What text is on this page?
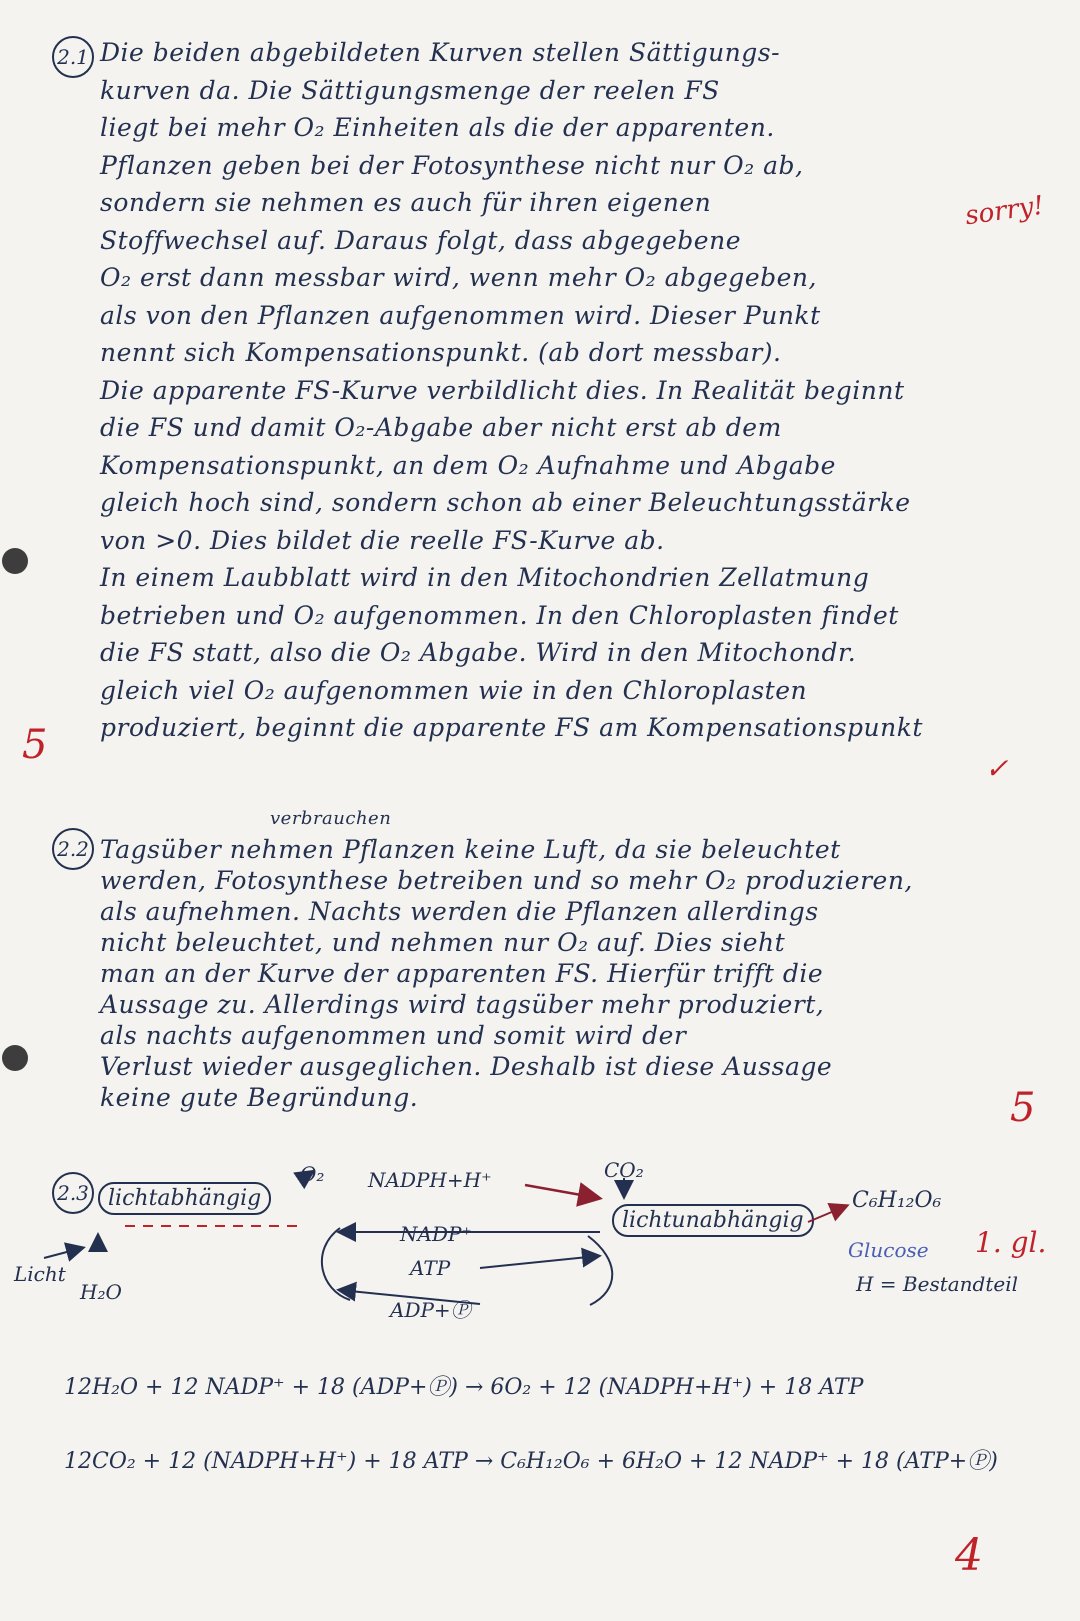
2.1 Die beiden abgebildeten Kurven stellen Sättigungs-
kurven da. Die Sättigungsmenge der reelen FS
liegt bei mehr O₂ Einheiten als die der apparenten.
Pflanzen geben bei der Fotosynthese nicht nur O₂ ab,
sondern sie nehmen es auch für ihren eigenen
Stoffwechsel auf. Daraus folgt, dass abgegebene
O₂ erst dann messbar wird, wenn mehr O₂ abgegeben,
als von den Pflanzen aufgenommen wird. Dieser Punkt
nennt sich Kompensationspunkt. (ab dort messbar).
Die apparente FS-Kurve verbildlicht dies. In Realität beginnt
die FS und damit O₂-Abgabe aber nicht erst ab dem
Kompensationspunkt, an dem O₂ Aufnahme und Abgabe
gleich hoch sind, sondern schon ab einer Beleuchtungsstärke
von >0. Dies bildet die reelle FS-Kurve ab.
In einem Laubblatt wird in den Mitochondrien Zellatmung
betrieben und O₂ aufgenommen. In den Chloroplasten findet
die FS statt, also die O₂ Abgabe. Wird in den Mitochondr.
gleich viel O₂ aufgenommen wie in den Chloroplasten
produziert, beginnt die apparente FS am Kompensationspunkt
sorry!
5
✓
2.2
verbrauchen
Tagsüber nehmen Pflanzen keine Luft, da sie beleuchtet
werden, Fotosynthese betreiben und so mehr O₂ produzieren,
als aufnehmen. Nachts werden die Pflanzen allerdings
nicht beleuchtet, und nehmen nur O₂ auf. Dies sieht
man an der Kurve der apparenten FS. Hierfür trifft die
Aussage zu. Allerdings wird tagsüber mehr produziert,
als nachts aufgenommen und somit wird der
Verlust wieder ausgeglichen. Deshalb ist diese Aussage
keine gute Begründung.	5
2.3 lichtabhängig
lichtunabhängig
Licht
H₂O
O₂	CO₂
NADPH+H⁺
NADP⁺
ATP
ADP+Ⓟ
C₆H₁₂O₆
Glucose
H = Bestandteil
1. gl.
12H₂O + 12 NADP⁺ + 18 (ADP+Ⓟ) → 6O₂ + 12 (NADPH+H⁺) + 18 ATP
12CO₂ + 12 (NADPH+H⁺) + 18 ATP → C₆H₁₂O₆ + 6H₂O + 12 NADP⁺ + 18 (ATP+Ⓟ)
4
